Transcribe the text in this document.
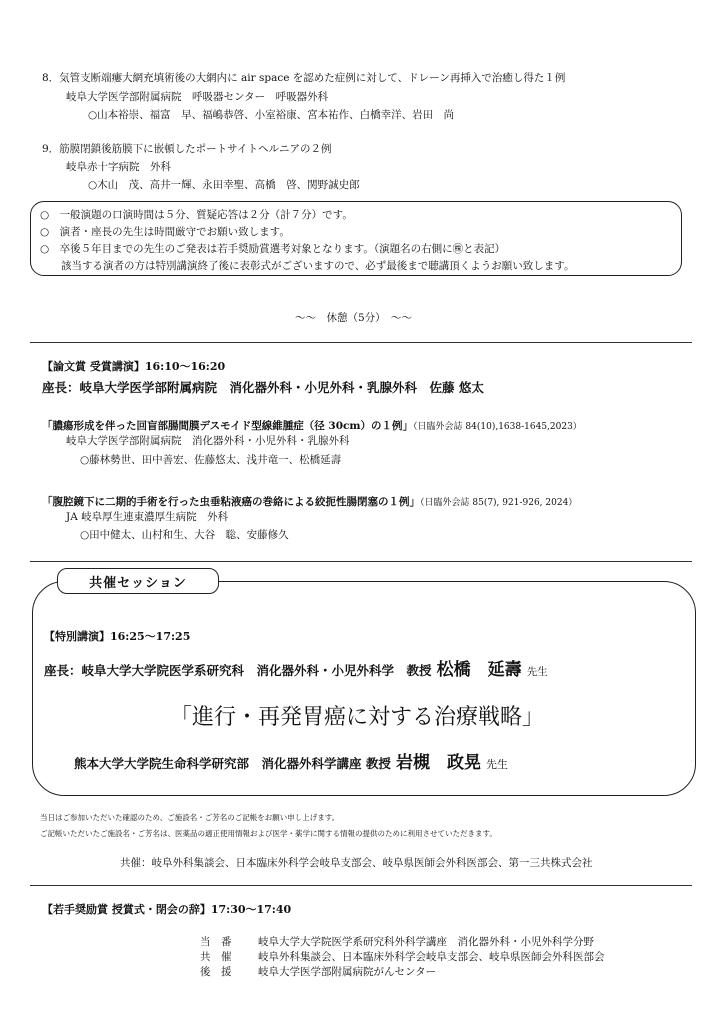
8．気管支断端瘻大網充填術後の大網内に air space を認めた症例に対して、ドレーン再挿入で治癒し得た１例
岐阜大学医学部附属病院　呼吸器センター　呼吸器外科
○山本裕崇、福富　早、福嶋恭啓、小室裕康、宮本祐作、白橋幸洋、岩田　尚
9．筋膜閉鎖後筋膜下に嵌頓したポートサイトヘルニアの２例
岐阜赤十字病院　外科
○木山　茂、高井一輝、永田幸聖、高橋　啓、関野誠史郎
○　一般演題の口演時間は５分、質疑応答は２分（計７分）です。
○　演者・座長の先生は時間厳守でお願い致します。
○　卒後５年目までの先生のご発表は若手奨励賞選考対象となります。（演題名の右側に㊑と表記）
　　該当する演者の方は特別講演終了後に表彰式がございますので、必ず最後まで聴講頂くようお願い致します。
～～　休憩（5分）　～～
【論文賞 受賞講演】16:10～16:20
座長：岐阜大学医学部附属病院　消化器外科・小児外科・乳腺外科　佐藤 悠太
「膿瘍形成を伴った回盲部腸間膜デスモイド型線維腫症（径 30cm）の１例」（日臨外会誌 84(10),1638-1645,2023）
岐阜大学医学部附属病院　消化器外科・小児外科・乳腺外科
○藤林勢世、田中善宏、佐藤悠太、浅井竜一、松橋延壽
「腹腔鏡下に二期的手術を行った虫垂粘液癌の巻絡による絞扼性腸閉塞の１例」（日臨外会誌 85(7), 921-926, 2024）
JA 岐阜厚生連東濃厚生病院　外科
○田中健太、山村和生、大谷　聡、安藤修久
共催セッション
【特別講演】16:25～17:25
座長：岐阜大学大学院医学系研究科　消化器外科・小児外科学　教授 松橋　延壽 先生
「進行・再発胃癌に対する治療戦略」
熊本大学大学院生命科学研究部　消化器外科学講座 教授 岩槻　政晃 先生
当日はご参加いただいた確認のため、ご施設名・ご芳名のご記帳をお願い申し上げます。
ご記帳いただいたご施設名・ご芳名は、医薬品の適正使用情報および医学・薬学に関する情報の提供のために利用させていただきます。
共催：岐阜外科集談会、日本臨床外科学会岐阜支部会、岐阜県医師会外科医部会、第一三共株式会社
【若手奨励賞 授賞式・閉会の辞】17:30～17:40
当　番	岐阜大学大学院医学系研究科外科学講座　消化器外科・小児外科学分野
共　催	岐阜外科集談会、日本臨床外科学会岐阜支部会、岐阜県医師会外科医部会
後　援	岐阜大学医学部附属病院がんセンター
